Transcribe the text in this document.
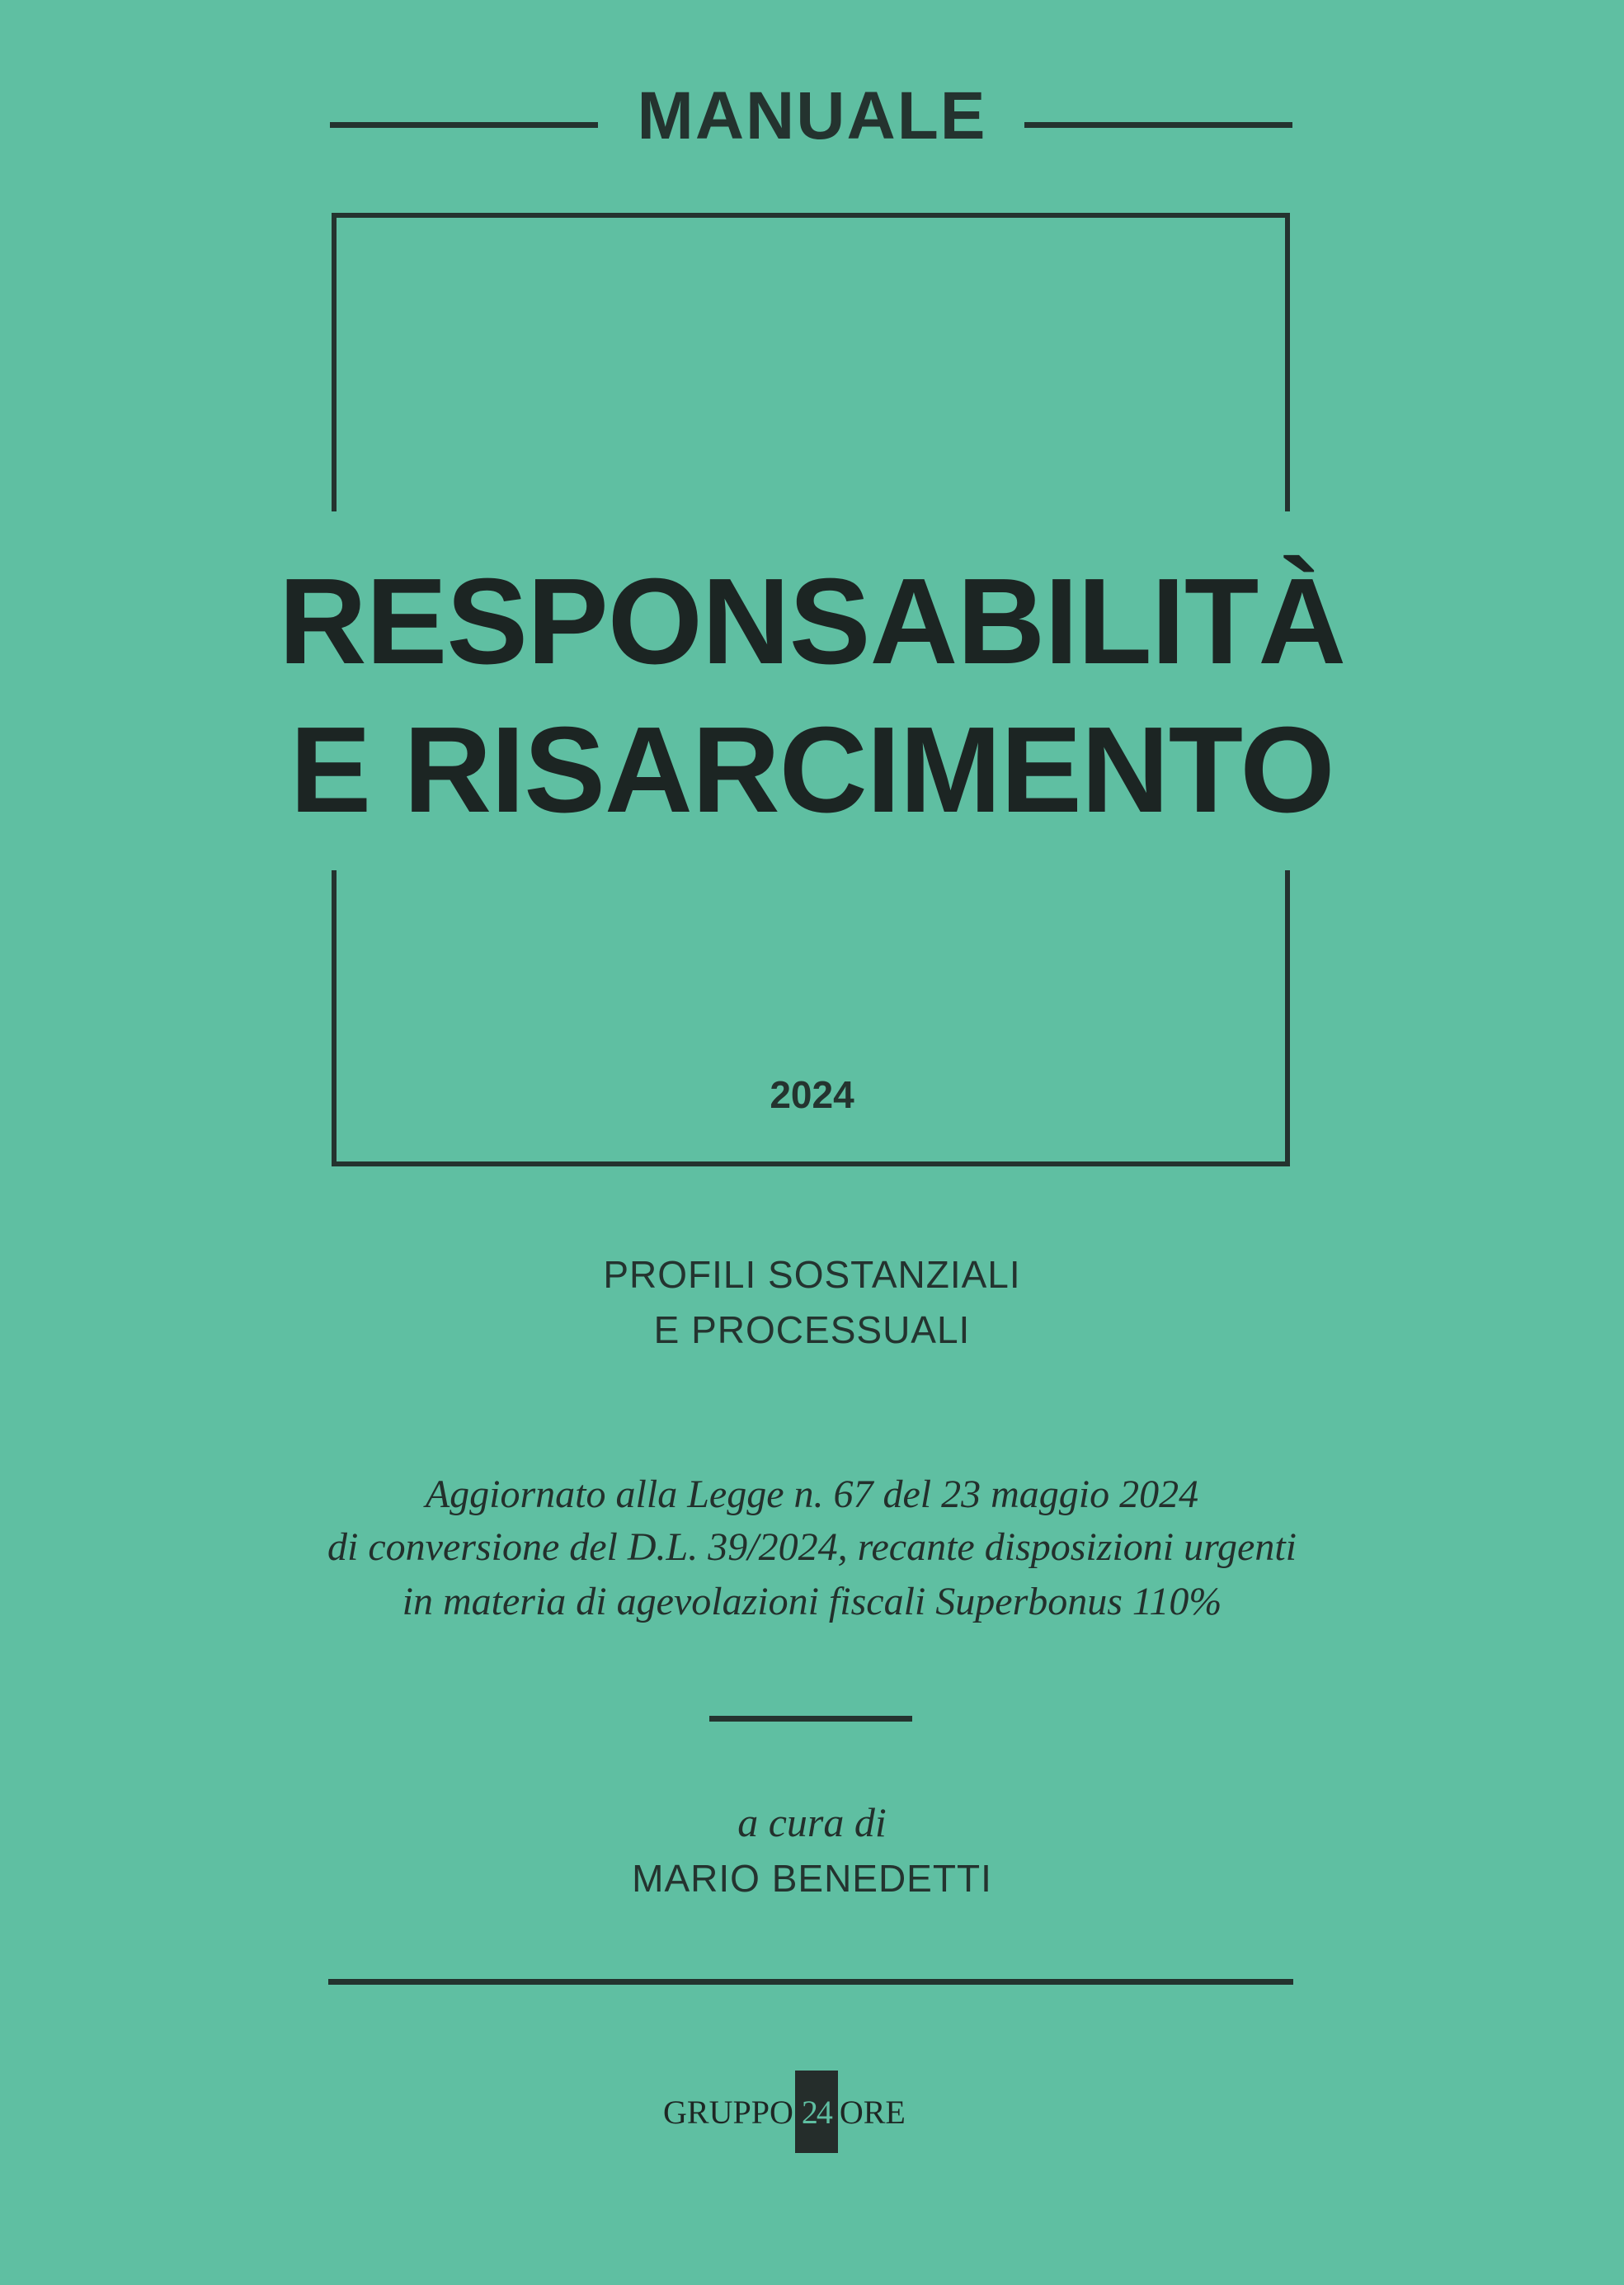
MANUALE
RESPONSABILITÀ
E RISARCIMENTO
2024
PROFILI SOSTANZIALI
E PROCESSUALI
Aggiornato alla Legge n. 67 del 23 maggio 2024
di conversione del D.L. 39/2024, recante disposizioni urgenti
in materia di agevolazioni fiscali Superbonus 110%
a cura di
MARIO BENEDETTI
GRUPPO 24 ORE
